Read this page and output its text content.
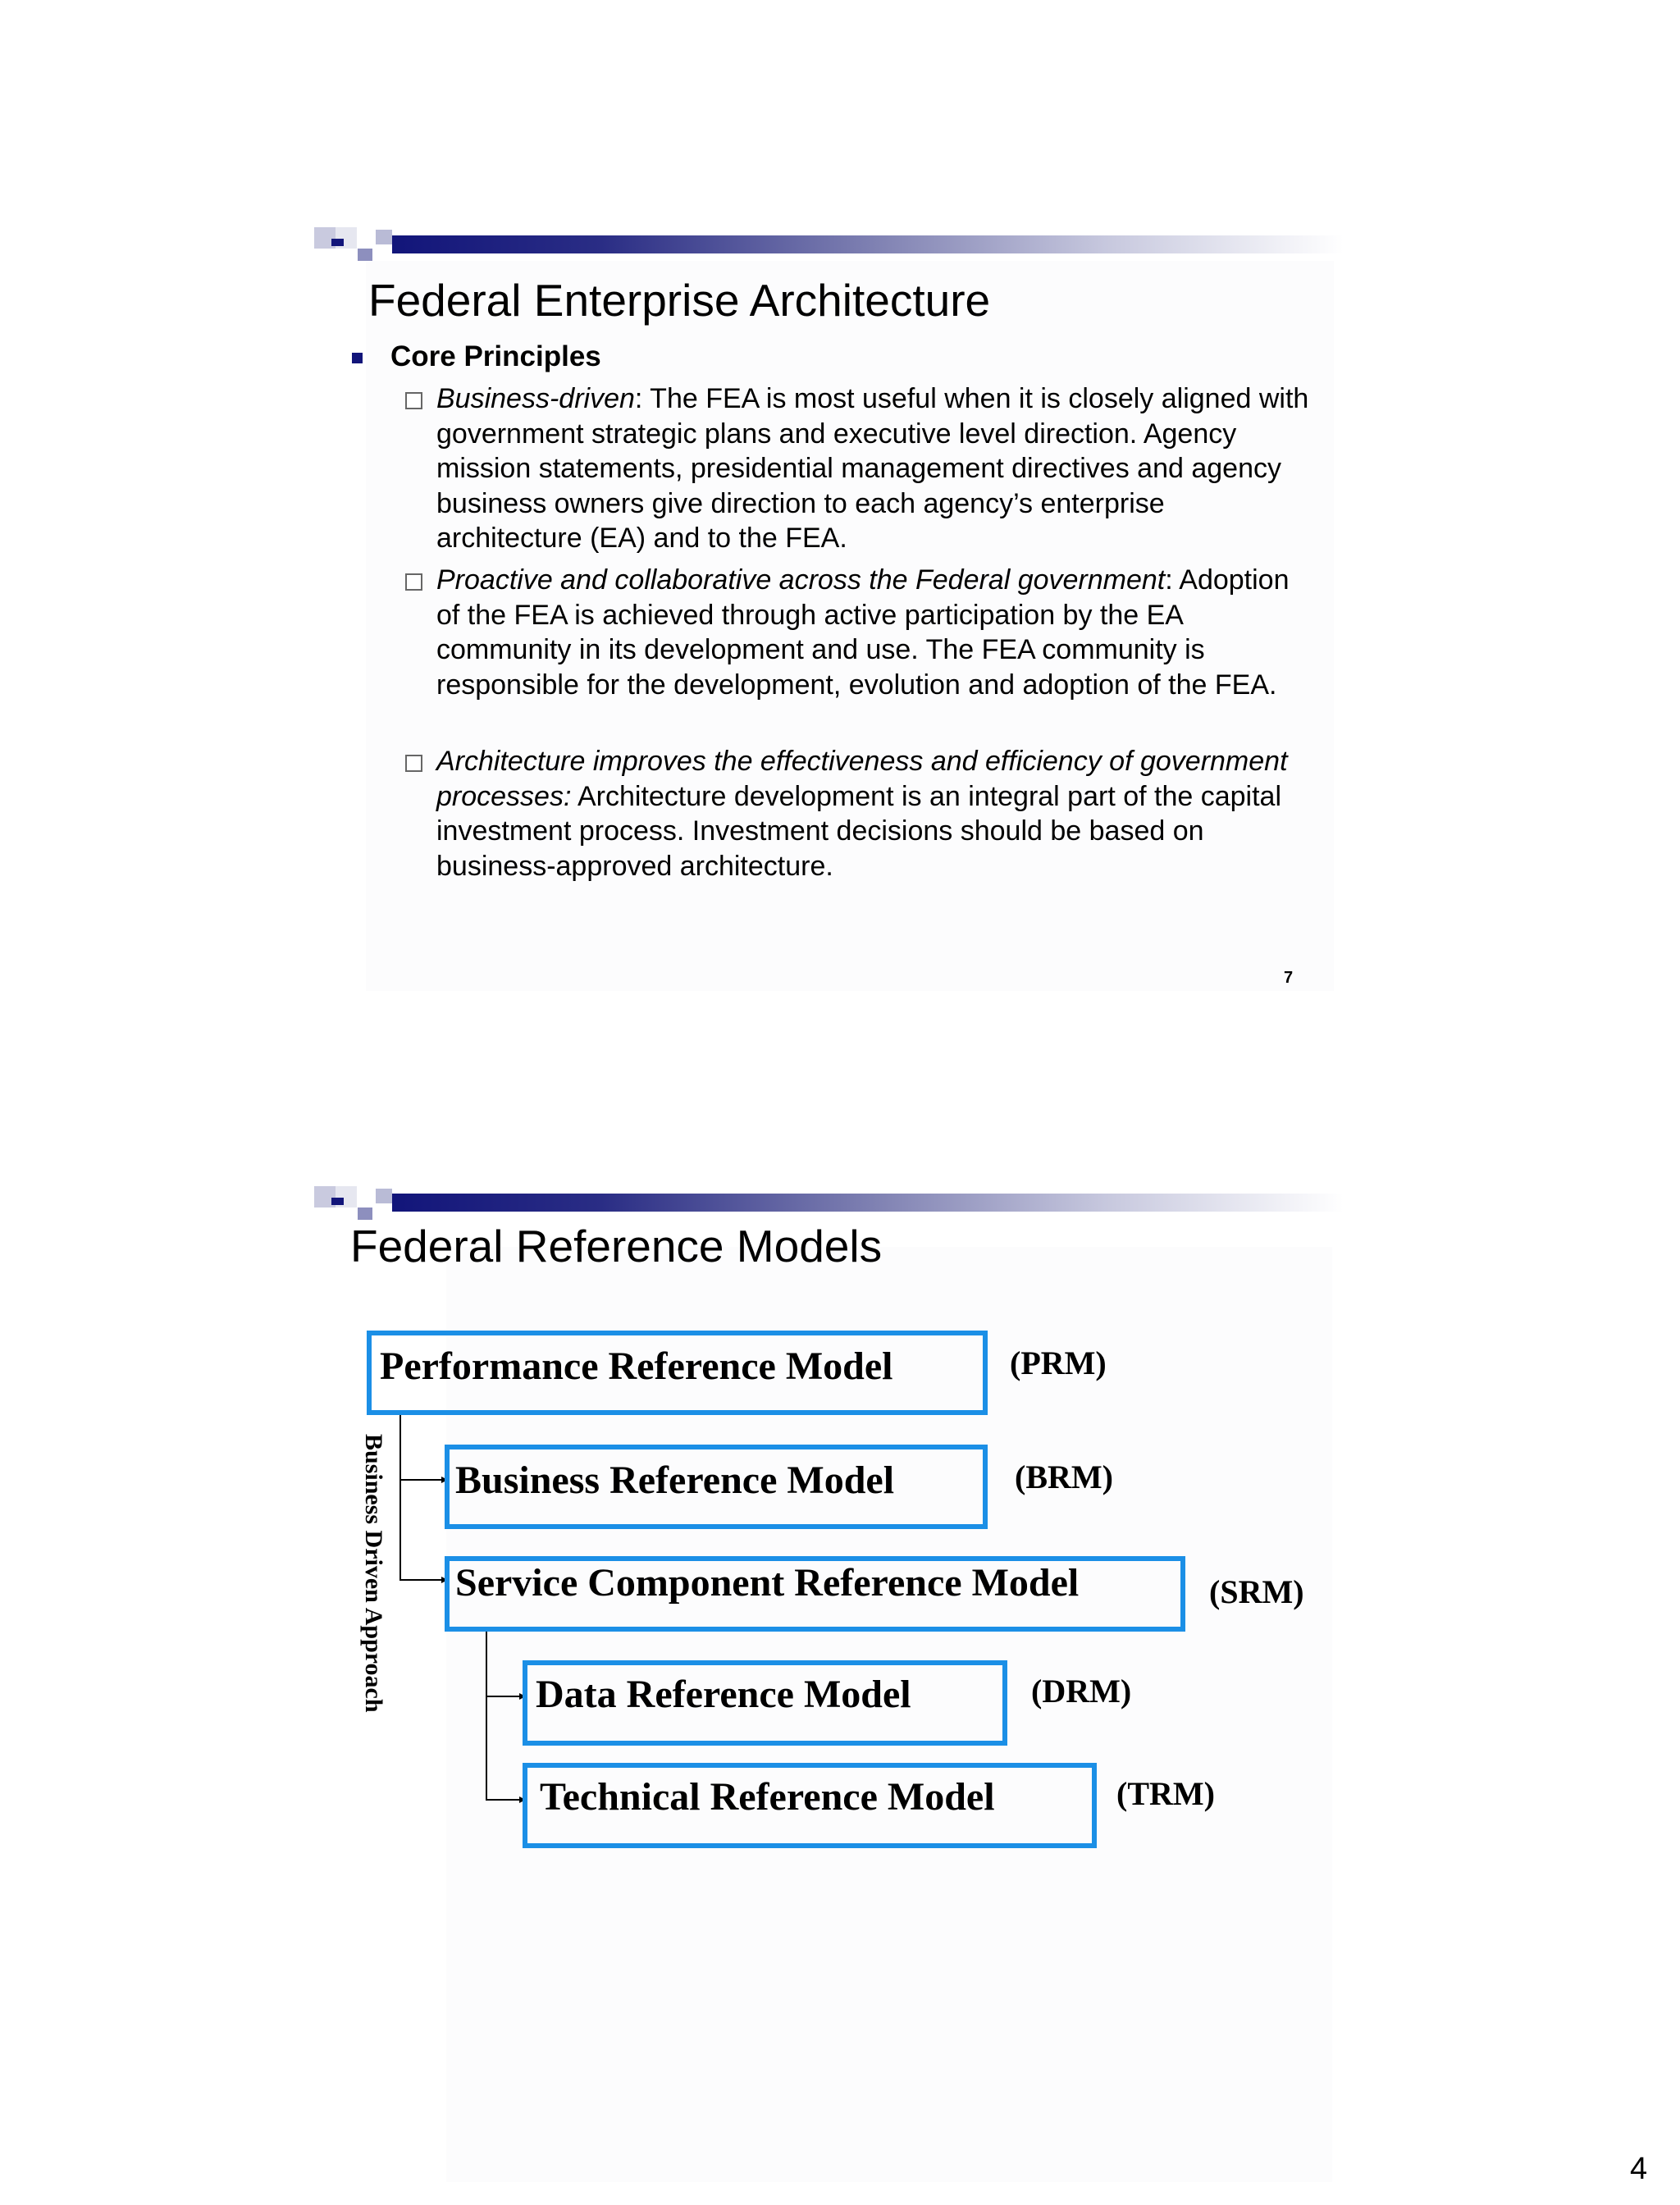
Federal Enterprise Architecture
Core Principles
Business-driven: The FEA is most useful when it is closely aligned with government strategic plans and executive level direction. Agency mission statements, presidential management directives and agency business owners give direction to each agency’s enterprise architecture (EA) and to the FEA.
Proactive and collaborative across the Federal government: Adoption of the FEA is achieved through active participation by the EA community in its development and use. The FEA community is responsible for the development, evolution and adoption of the FEA.
Architecture improves the effectiveness and efficiency of government processes: Architecture development is an integral part of the capital investment process. Investment decisions should be based on business-approved architecture.
7
Federal Reference Models
Business Driven Approach
Performance Reference Model	(PRM)
Business Reference Model	(BRM)
Service Component Reference Model	(SRM)
Data Reference Model	(DRM)
Technical Reference Model	(TRM)
4
